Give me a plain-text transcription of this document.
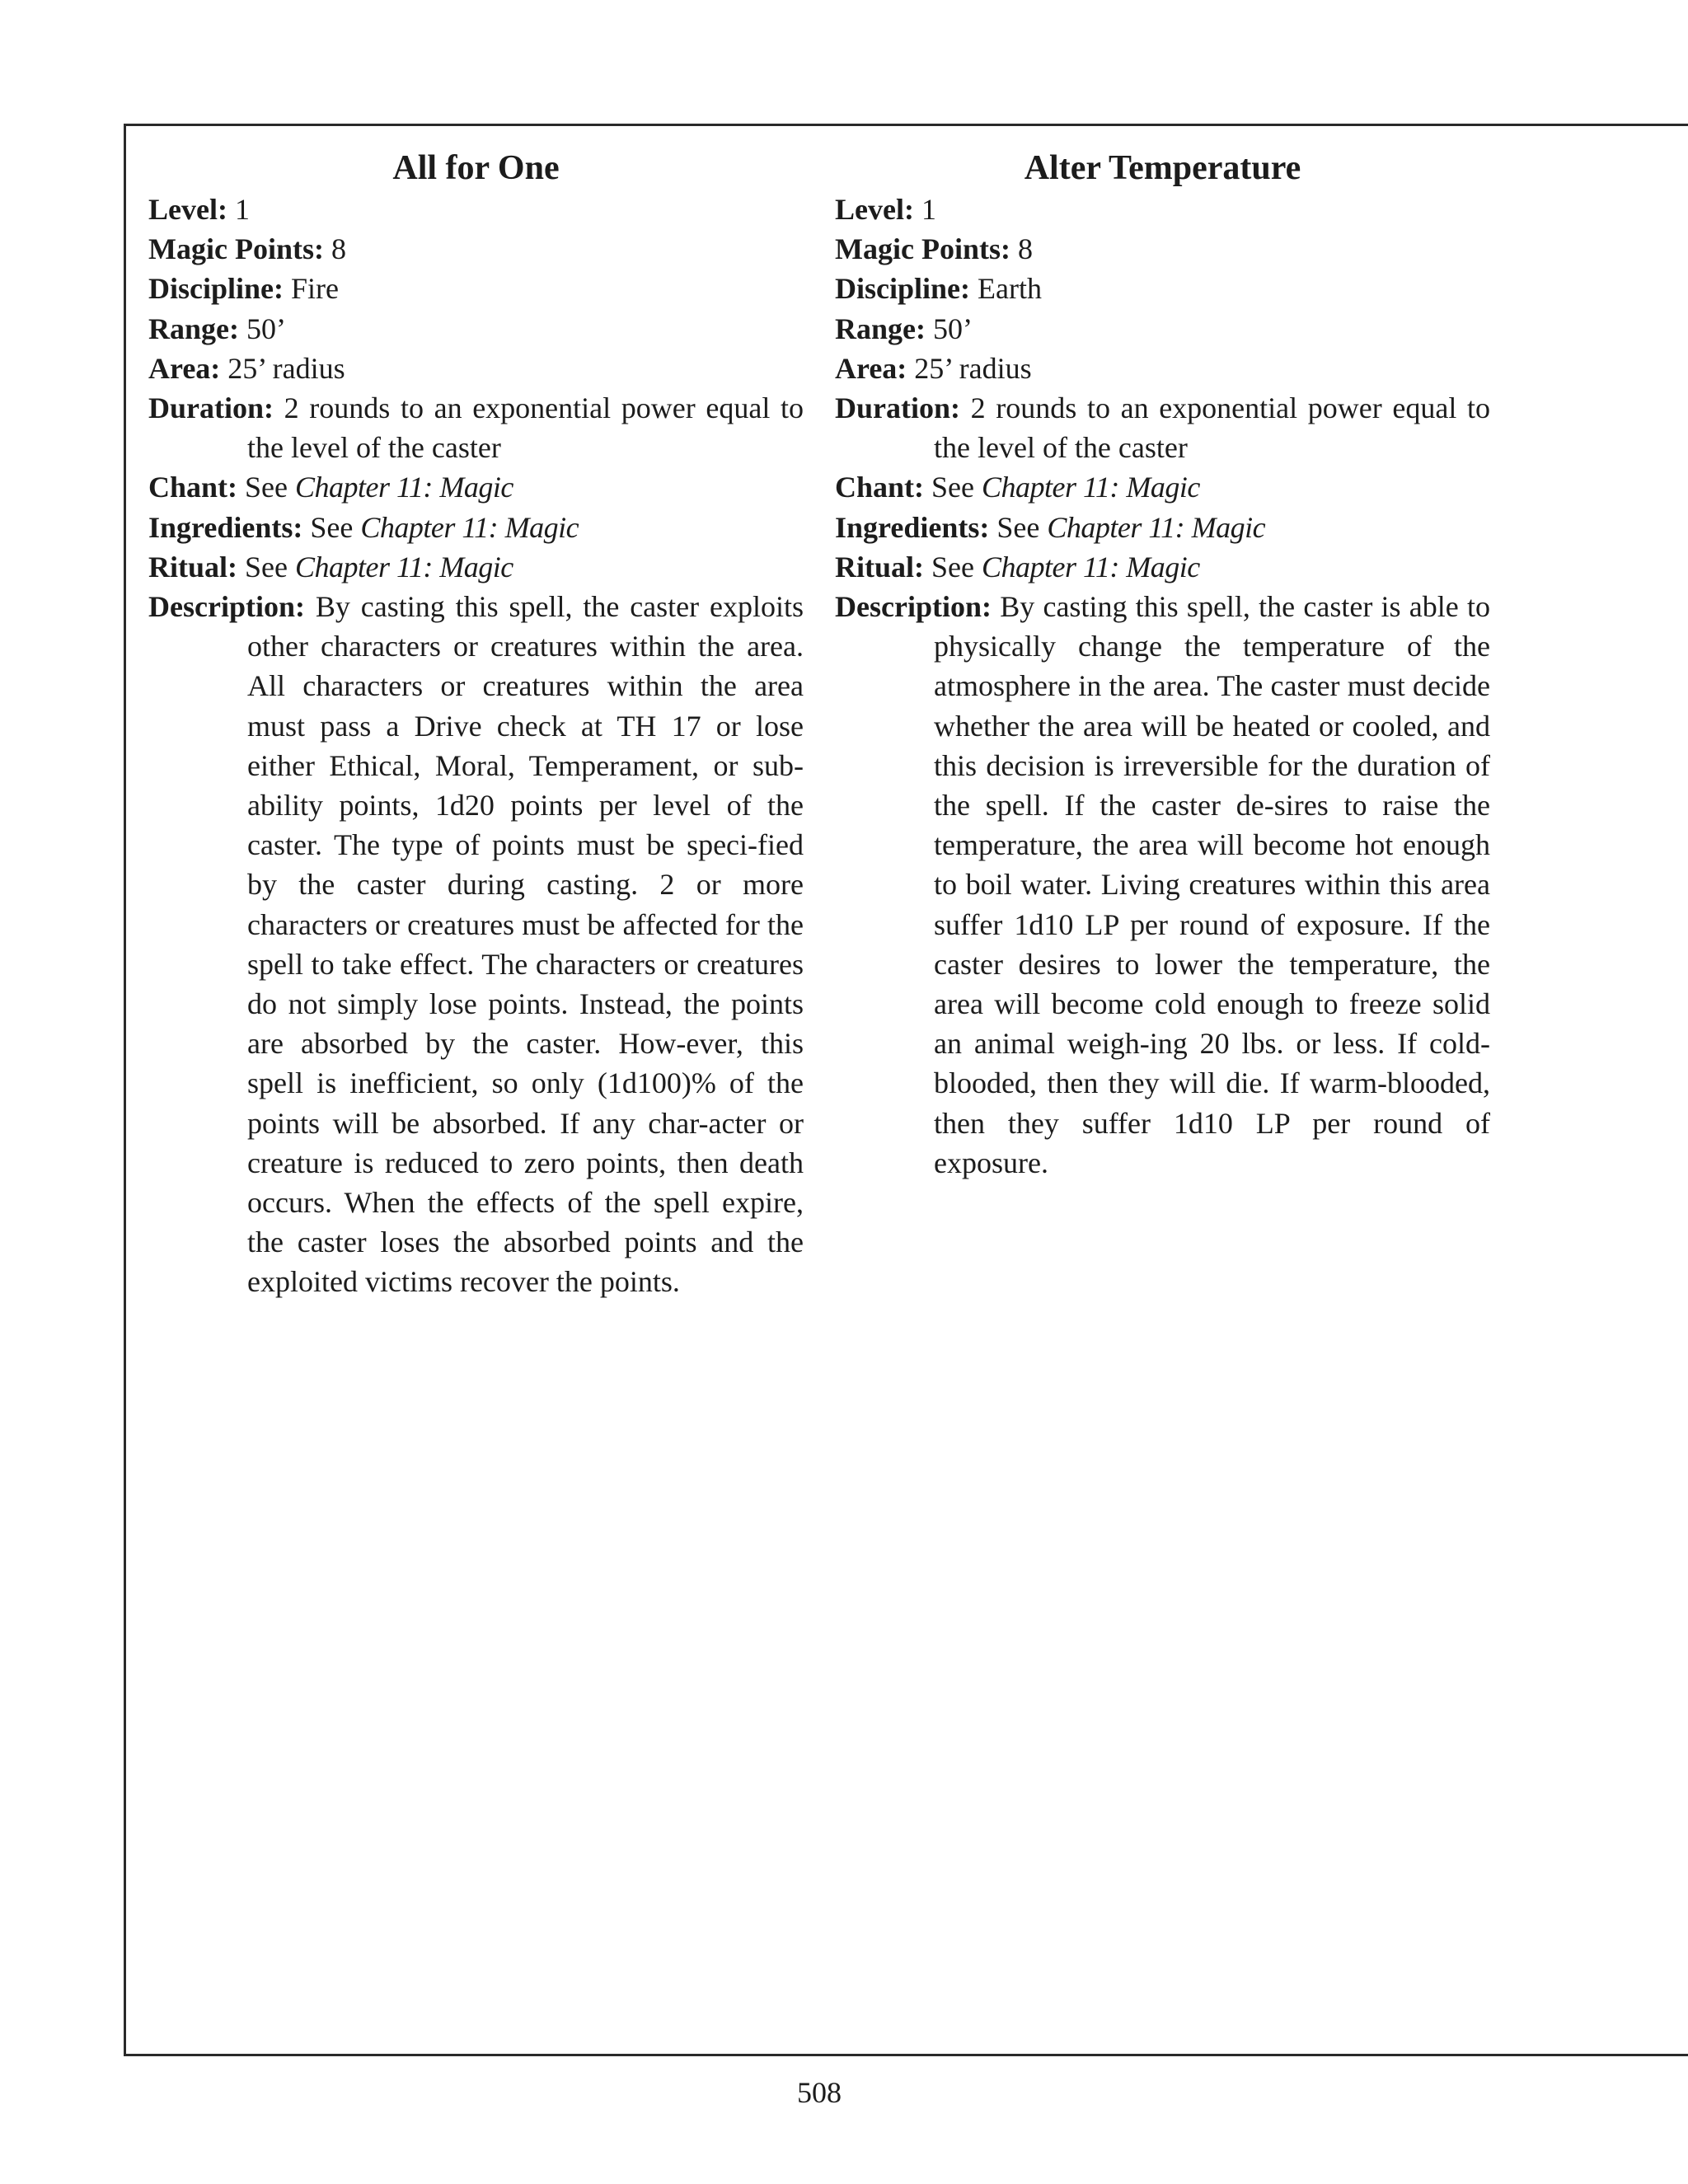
All for One

Level: 1

Magic Points: 8

Discipline: Fire

Range: 50’

Area: 25’ radius

Duration: 2 rounds to an exponential power equal to the level of the caster

Chant: See Chapter 11: Magic

Ingredients: See Chapter 11: Magic

Ritual: See Chapter 11: Magic

Description: By casting this spell, the caster exploits other characters or creatures within the area. All characters or creatures within the area must pass a Drive check at TH 17 or lose either Ethical, Moral, Temperament, or sub-ability points, 1d20 points per level of the caster. The type of points must be speci-fied by the caster during casting. 2 or more characters or creatures must be affected for the spell to take effect. The characters or creatures do not simply lose points. Instead, the points are absorbed by the caster. How-ever, this spell is inefficient, so only (1d100)% of the points will be absorbed. If any char-acter or creature is reduced to zero points, then death occurs. When the effects of the spell expire, the caster loses the absorbed points and the exploited victims recover the points.

Alter Temperature

Level: 1

Magic Points: 8

Discipline: Earth

Range: 50’

Area: 25’ radius

Duration: 2 rounds to an exponential power equal to the level of the caster

Chant: See Chapter 11: Magic

Ingredients: See Chapter 11: Magic

Ritual: See Chapter 11: Magic

Description: By casting this spell, the caster is able to physically change the temperature of the atmosphere in the area. The caster must decide whether the area will be heated or cooled, and this decision is irreversible for the duration of the spell. If the caster de-sires to raise the temperature, the area will become hot enough to boil water. Living creatures within this area suffer 1d10 LP per round of exposure. If the caster desires to lower the temperature, the area will become cold enough to freeze solid an animal weigh-ing 20 lbs. or less. If cold-blooded, then they will die. If warm-blooded, then they suffer 1d10 LP per round of exposure.

508
